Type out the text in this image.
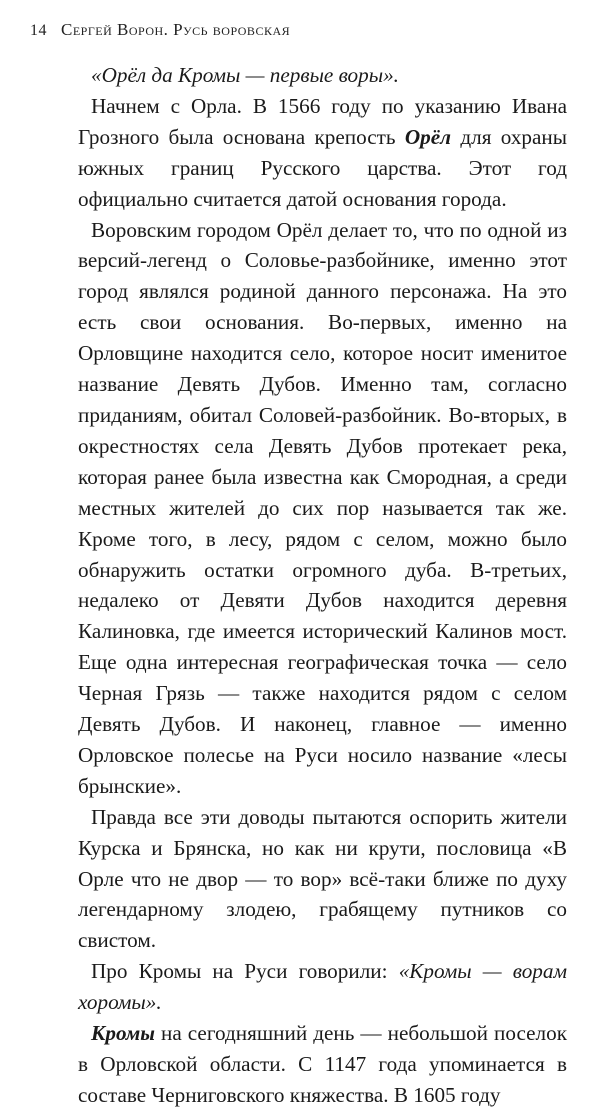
14 Сергей Ворон. Русь воровская

«Орёл да Кромы — первые воры».

Начнем с Орла. В 1566 году по указанию Ивана Грозного была основана крепость Орёл для охраны южных границ Русского царства. Этот год официально считается датой основания города.

Воровским городом Орёл делает то, что по одной из версий-легенд о Соловье-разбойнике, именно этот город являлся родиной данного персонажа. На это есть свои основания. Во-первых, именно на Орловщине находится село, которое носит именитое название Девять Дубов. Именно там, согласно приданиям, обитал Соловей-разбойник. Во-вторых, в окрестностях села Девять Дубов протекает река, которая ранее была известна как Смородная, а среди местных жителей до сих пор называется так же. Кроме того, в лесу, рядом с селом, можно было обнаружить остатки огромного дуба. В-третьих, недалеко от Девяти Дубов находится деревня Калиновка, где имеется исторический Калинов мост. Еще одна интересная географическая точка — село Черная Грязь — также находится рядом с селом Девять Дубов. И наконец, главное — именно Орловское полесье на Руси носило название «лесы брынские».

Правда все эти доводы пытаются оспорить жители Курска и Брянска, но как ни крути, пословица «В Орле что не двор — то вор» всё-таки ближе по духу легендарному злодею, грабящему путников со свистом.

Про Кромы на Руси говорили: «Кромы — ворам хоромы».

Кромы на сегодняшний день — небольшой поселок в Орловской области. С 1147 года упоминается в составе Черниговского княжества. В 1605 году
